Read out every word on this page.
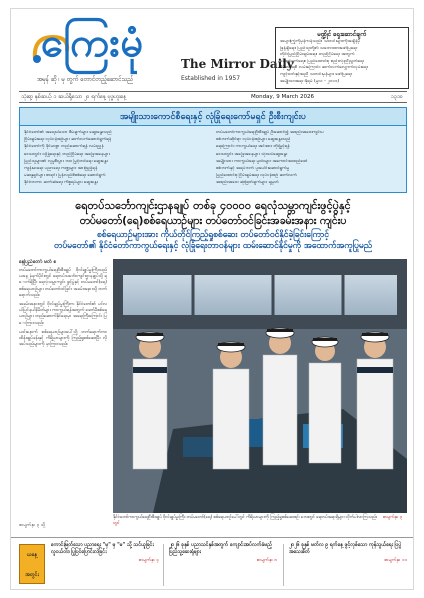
ကြေးမုံ	The Mirror Daily
အမှန် ဆို ၊ မှ တွက် တောင်တည့်ဆောင်သည်	Established in 1957
မဏ္ဍိုင် ရှေးဆောင်ချက်
အများကြုံကိုမှန်ကန်သည်။ သတင်းများကိုအချိန်မှီ
ဖြန့်ချိရေး၊ ပြည်သူတို့၏ သဘောထားဖော်ပြရေး
တိုင်းပြည်ငြိမ်းချမ်းရေး၊ တည်ငြိမ်ရေး အတွက်
ဆောင်ရွက်ရေး။ ပြည်ထောင်စု စည်းလုံးညီညွတ်ရေး
ဒီမိုကရေစီ လမ်းကြောင်း ဆက်လက်လျှောက်လှမ်းရေး
ကျင့်ဝတ်နှင့်အညီ သတင်းမှန်များ ဖော်ပြရေး
အမျိုးသားရေး ဖိုရမ် (မူလ - ၂၀၁၁)
သုံးရာ့ နှစ်ဆယ့် ၁ ဆယ်ရှိသော ၂၀ ရက်နေ့ ဗုဒ္ဓဟူးနေ့	Monday, 9 March 2026	၁၃၁၀
အမျိုးသားကောင်စီရေးနှင့် လုံခြုံရေးကော်မရှင် ဦးစီးကျင်းပ
နိုင်ငံတော်၏ အရေးပါသော စီမံချက်များ ဆွေးနွေးသည်
ငြိမ်းချမ်းရေး လုပ်ငန်းစဉ်များ ဆက်လက်ဆောင်ရွက်ရန်
နိုင်ငံတော်ကို ခိုင်မာစွာ တည်ဆောက်ရန် လမ်းညွှန်
ဒေသတွင်း လုံခြုံရေးနှင့် တည်ငြိမ်ရေး အခြေအနေများ
ပြည်သူများ၏ လူမှုစီးပွား ဘဝ မြှင့်တင်ရေး ဆွေးနွေး
ကျန်းမာရေး ပညာရေး ကဏ္ဍများ အားဖြည့်ရန်
မဲဆန္ဒရှင်များ စာရင်း ပြန်လည်စိစစ်ရေး ဆောင်ရွက်
နိုင်ငံတကာ ဆက်ဆံရေး ကိစ္စရပ်များ ဆွေးနွေး
တပ်မတော်ကာကွယ်ရေးဦးစီးချုပ် ဦးဆောင်၍ အစည်းအဝေးကျင်းပ
စစ်ဘက်ဆိုင်ရာ လုပ်ငန်းစဉ်များ ဆွေးနွေးသည်
ရေကြောင်း ကာကွယ်ရေး အင်အား တိုးမြှင့်ရန်
ဒေသတွင်း အခြေအနေများ သုံးသပ်ဆွေးနွေး
အမျိုးသား ကာကွယ်ရေး မူဝါဒများ အကောင်အထည်ဖော်
စစ်ဘက်နှင့် အရပ်ဘက် ပူးပေါင်းဆောင်ရွက်မှု
ပြည်ထောင်စု ငြိမ်းချမ်းရေး လုပ်ငန်းစဉ် ဆက်လက်
အစည်းအဝေး ဆုံးဖြတ်ချက်များ ချမှတ်
ရေတပ်သင်္ဘောကျင်းဌာနချုပ် တစ်ခု ၄၀၀၀၀ ရေလုံသမ္ဘာကျင်းဖွင့်ပွဲနှင့်
တပ်မတော်(ရေ)စစ်ရေယာဉ်များ တပ်တော်ဝင်ခြင်းအခမ်းအနား ကျင်းပ
စစ်ရေယာဉ်များအား ကိုယ်တိုင်ကြည့်ရှုစစ်ဆေး တပ်တော်ဝင်နိုင်ခဲ့ခြင်းကြောင့်
တပ်မတော်၏ နိုင်ငံတော်ကာကွယ်ရေးနှင့် လုံခြုံရေးတာဝန်များ ထမ်းဆောင်နိုင်မှုကို အထောက်အကူပြုမည်
နေပြည်တော် မတ် ၈

တပ်မတော်ကာကွယ်ရေးဦးစီးချုပ် ဗိုလ်ချုပ်မှူးကြီးသည် ယနေ့ နံနက်ပိုင်းတွင် ရေတပ်သင်္ဘောကျင်းဌာနချုပ်သို့ ရောက်ရှိပြီး ရေလုံသမ္ဘာကျင်း ဖွင့်ပွဲနှင့် တပ်မတော်(ရေ) စစ်ရေယာဉ်များ တပ်တော်ဝင်ခြင်း အခမ်းအနားသို့ တက်ရောက်သည်။

အခမ်းအနားတွင် ဗိုလ်ချုပ်မှူးကြီးက နိုင်ငံတော်၏ ပင်လယ်ပြင်နယ်နိမိတ်များ ကာကွယ်ရန်အတွက် ခေတ်မီစစ်ရေယာဉ်များ တည်ဆောက်နိုင်ရေးမှာ အရေးကြီးကြောင်း ပြောကြားသည်။

ယင်းနောက် စစ်ရေယာဉ်များပေါ်သို့ တက်ရောက်ကာ ထိန်းချုပ်ခန်းနှင့် ကိရိယာများကို ကြည့်ရှုစစ်ဆေးပြီး လိုအပ်သည်များကို မှာကြားသည်။

စာမျက်နှာ ၃ သို့
နိုင်ငံတော်ကာကွယ်ရေးဦးစီးချုပ် ဗိုလ်ချုပ်မှူးကြီး တပ်မတော်(ရေ) စစ်ရေယာဉ်ပေါ်တွင် ကိရိယာများကို ကြည့်ရှုစစ်ဆေးစဉ်၊ ဘေးတွင် ရေတပ်အရာရှိများ လိုက်ပါလာကြသည်။ စာမျက်နှာ ၃ တွင်
ယနေ့ အတွင်း
ကောင်းမြတ်သော ပညာရေး "မှ" မှ "မ" သို့ သင်ယူခြင်း လူငယ်ဝါဒ ပြုပြင်ပြောင်းလဲခြင်း
စာမျက်နှာ ၄
၂၀၂၆ ခုနှစ် ပညာသင်နှစ်အတွက် ကျောင်းအပ်လက်ခံမည့် ပြည်သူ့ဆေးရုံများ
စာမျက်နှာ ၈
၂၀၂၆ ခုနှစ် မတ်လ ၉ ရက်နေ့ ဖွင့်လှစ်သော ကုန်သွယ်ရေး ပြပွဲ အသေးစိတ်
စာမျက်နှာ ၁၁
